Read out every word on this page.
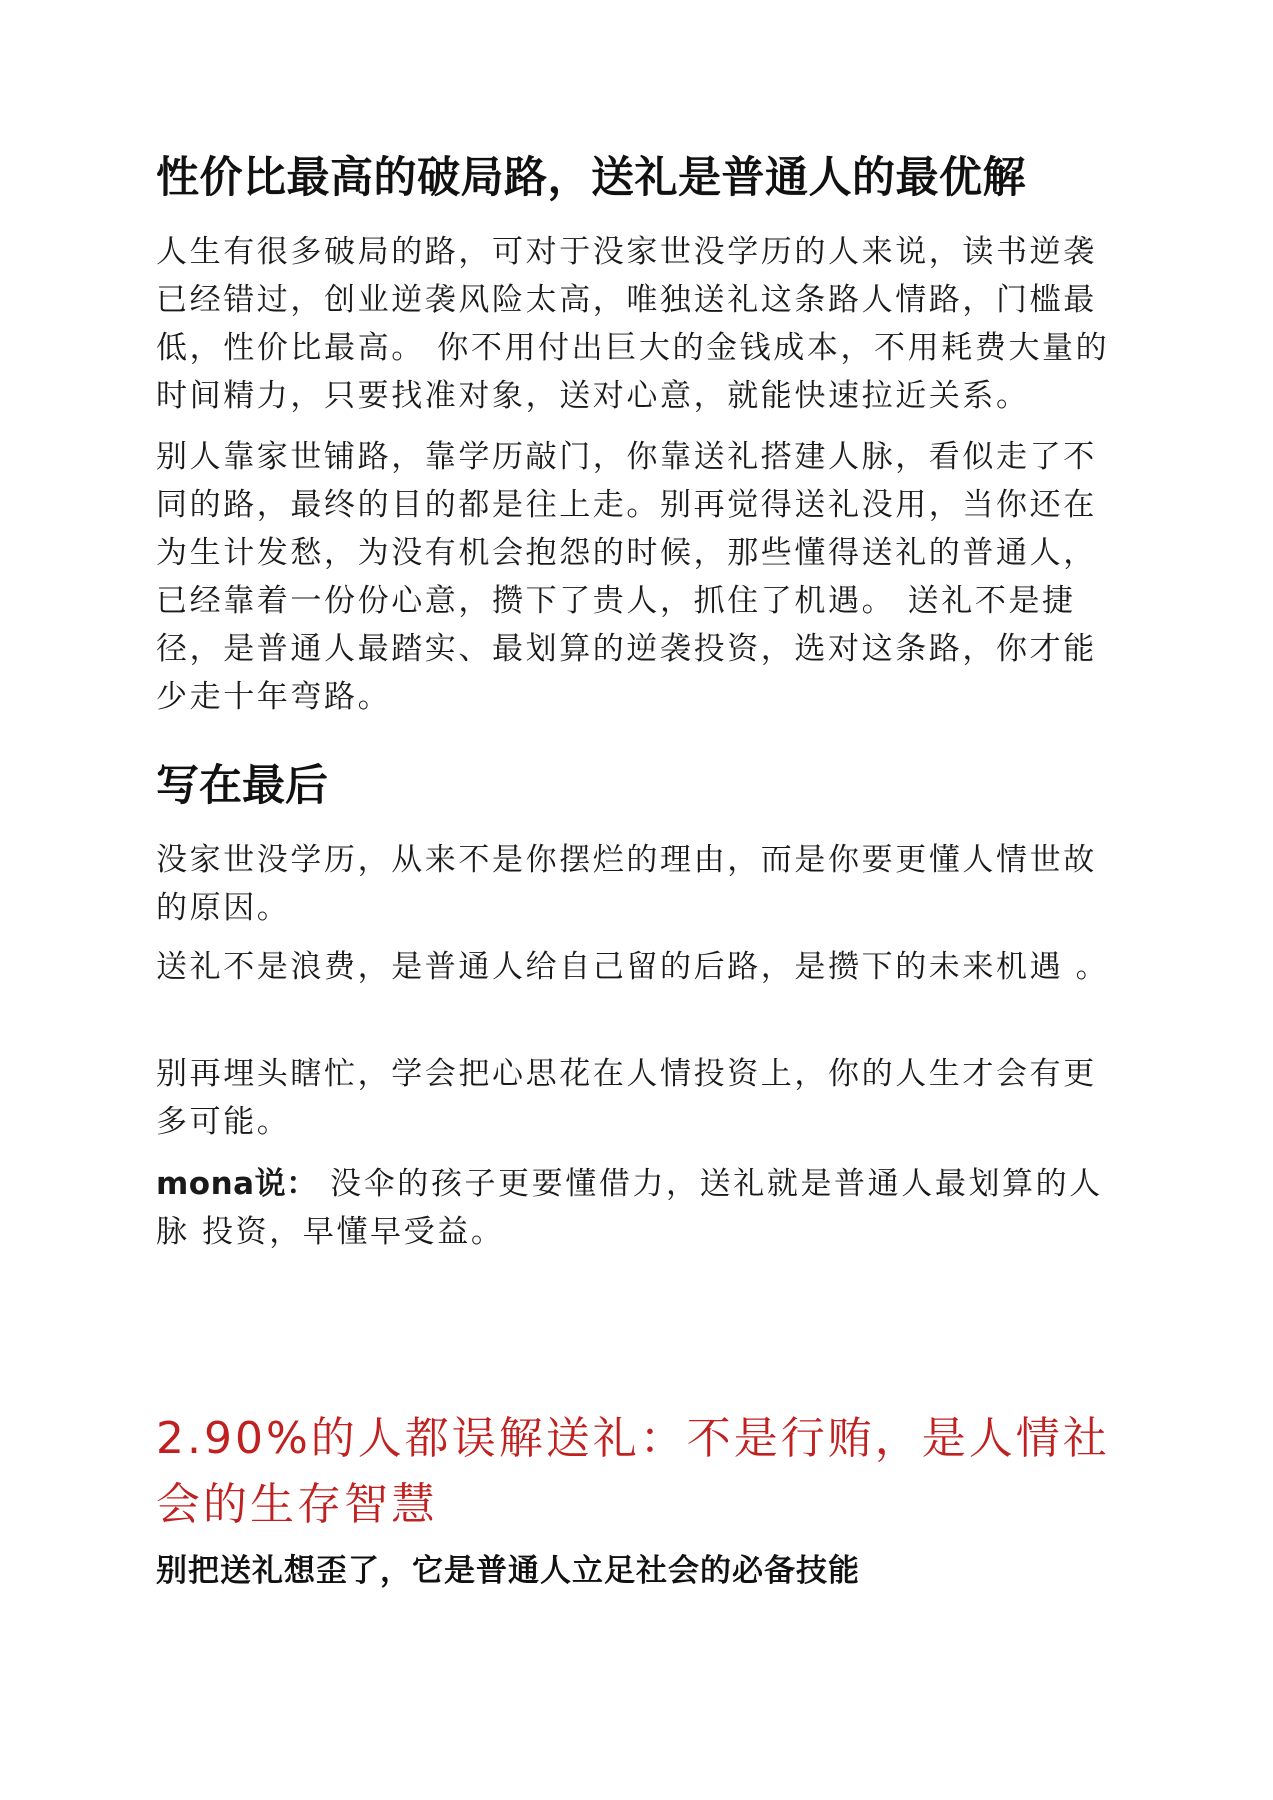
性价比最高的破局路，送礼是普通人的最优解
人生有很多破局的路，可对于没家世没学历的人来说，读书逆袭已经错过，创业逆袭风险太高，唯独送礼这条路人情路，门槛最低，性价比最高。 你不用付出巨大的金钱成本，不用耗费大量的时间精力，只要找准对象，送对心意，就能快速拉近关系。
别人靠家世铺路，靠学历敲门，你靠送礼搭建人脉，看似走了不同的路，最终的目的都是往上走。别再觉得送礼没用，当你还在为生计发愁，为没有机会抱怨的时候，那些懂得送礼的普通人，已经靠着一份份心意，攒下了贵人，抓住了机遇。 送礼不是捷径，是普通人最踏实、最划算的逆袭投资，选对这条路，你才能少走十年弯路。
写在最后
没家世没学历，从来不是你摆烂的理由，而是你要更懂人情世故的原因。
送礼不是浪费，是普通人给自己留的后路，是攒下的未来机遇 。
别再埋头瞎忙，学会把心思花在人情投资上，你的人生才会有更多可能。
mona说： 没伞的孩子更要懂借力，送礼就是普通人最划算的人脉 投资，早懂早受益。
2.90%的人都误解送礼：不是行贿，是人情社会的生存智慧
别把送礼想歪了，它是普通人立足社会的必备技能
